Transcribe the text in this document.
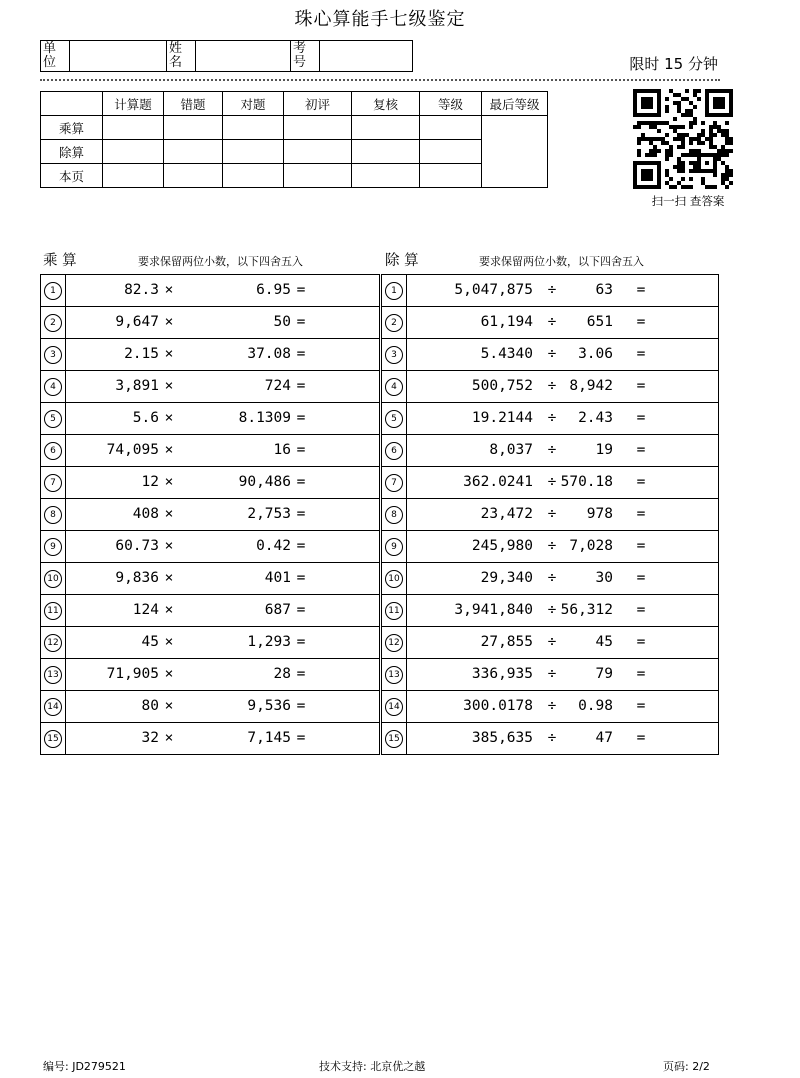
珠心算能手七级鉴定
单
位

姓
名

考
号
		限时 15 分钟
	计算题	错题	对题	初评	复核	等级	最后等级
乘算							
除算							
本页							
扫一扫 查答案
乘 算	要求保留两位小数，以下四舍五入	除 算	要求保留两位小数，以下四舍五入
1	82.3 × 6.95 =

2	9,647 × 50 =

3	2.15 × 37.08 =

4	3,891 × 724 =

5	5.6 × 8.1309 =

6	74,095 × 16 =

7	12 × 90,486 =

8	408 × 2,753 =

9	60.73 × 0.42 =

10	9,836 × 401 =

11	124 × 687 =

12	45 × 1,293 =

13	71,905 × 28 =

14	80 × 9,536 =

15	32 × 7,145 =
1	5,047,875 ÷ 63 =

2	61,194 ÷ 651 =

3	5.4340 ÷ 3.06 =

4	500,752 ÷ 8,942 =

5	19.2144 ÷ 2.43 =

6	8,037 ÷ 19 =

7	362.0241 ÷ 570.18 =

8	23,472 ÷ 978 =

9	245,980 ÷ 7,028 =

10	29,340 ÷ 30 =

11	3,941,840 ÷ 56,312 =

12	27,855 ÷ 45 =

13	336,935 ÷ 79 =

14	300.0178 ÷ 0.98 =

15	385,635 ÷ 47 =
编号: JD279521	技术支持: 北京优之越	页码: 2/2
